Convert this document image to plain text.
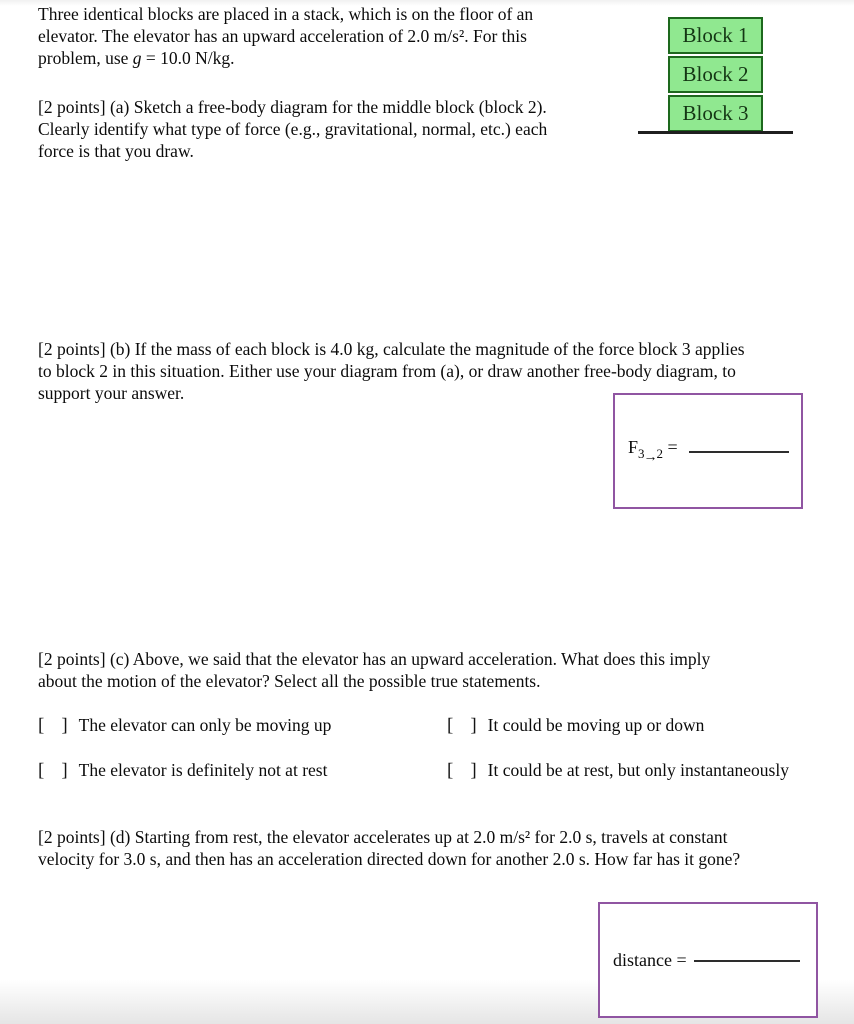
Three identical blocks are placed in a stack, which is on the floor of an
elevator. The elevator has an upward acceleration of 2.0 m/s². For this
problem, use g = 10.0 N/kg.
Block 1
Block 2
Block 3
[2 points] (a) Sketch a free-body diagram for the middle block (block 2).
Clearly identify what type of force (e.g., gravitational, normal, etc.) each
force is that you draw.
[2 points] (b) If the mass of each block is 4.0 kg, calculate the magnitude of the force block 3 applies
to block 2 in this situation. Either use your diagram from (a), or draw another free-body diagram, to
support your answer.
$F_{3\to 2}$ =
[2 points] (c) Above, we said that the elevator has an upward acceleration. What does this imply
about the motion of the elevator? Select all the possible true statements.
[ ] The elevator can only be moving up	[ ] It could be moving up or down
[ ] The elevator is definitely not at rest	[ ] It could be at rest, but only instantaneously
[2 points] (d) Starting from rest, the elevator accelerates up at 2.0 m/s² for 2.0 s, travels at constant
velocity for 3.0 s, and then has an acceleration directed down for another 2.0 s. How far has it gone?
distance =
